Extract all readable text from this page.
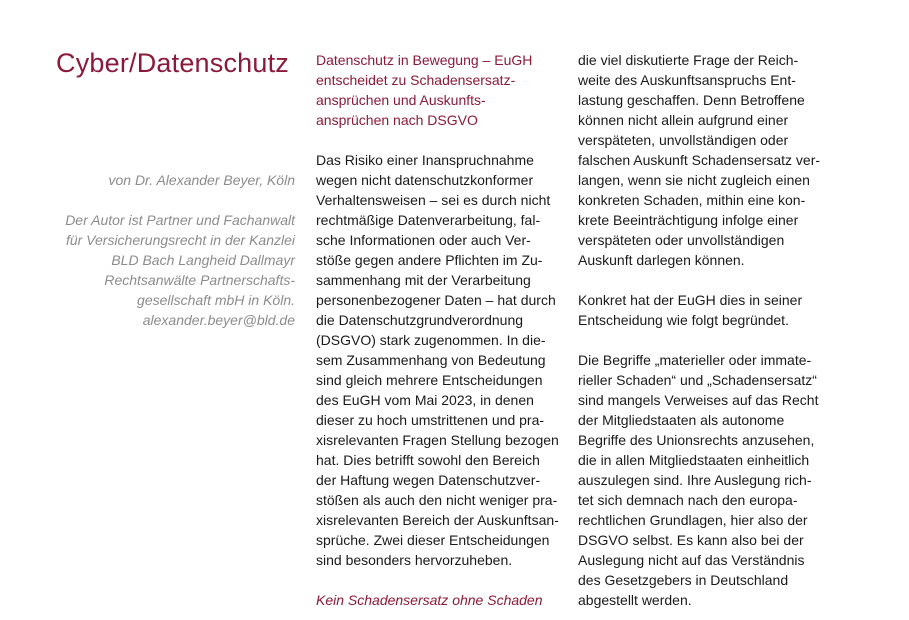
Cyber/Datenschutz
von Dr. Alexander Beyer, Köln
Der Autor ist Partner und Fachanwalt
für Versicherungsrecht in der Kanzlei
BLD Bach Langheid Dallmayr
Rechtsanwälte Partnerschafts-
gesellschaft mbH in Köln.
alexander.beyer@bld.de
Datenschutz in Bewegung – EuGH
entscheidet zu Schadensersatz-
ansprüchen und Auskunfts-
ansprüchen nach DSGVO
Das Risiko einer Inanspruchnahme
wegen nicht datenschutzkonformer
Verhaltensweisen – sei es durch nicht
rechtmäßige Datenverarbeitung, fal-
sche Informationen oder auch Ver-
stöße gegen andere Pflichten im Zu-
sammenhang mit der Verarbeitung
personenbezogener Daten – hat durch
die Datenschutzgrundverordnung
(DSGVO) stark zugenommen. In die-
sem Zusammenhang von Bedeutung
sind gleich mehrere Entscheidungen
des EuGH vom Mai 2023, in denen
dieser zu hoch umstrittenen und pra-
xisrelevanten Fragen Stellung bezogen
hat. Dies betrifft sowohl den Bereich
der Haftung wegen Datenschutzver-
stößen als auch den nicht weniger pra-
xisrelevanten Bereich der Auskunftsan-
sprüche. Zwei dieser Entscheidungen
sind besonders hervorzuheben.
Kein Schadensersatz ohne Schaden
die viel diskutierte Frage der Reich-
weite des Auskunftsanspruchs Ent-
lastung geschaffen. Denn Betroffene
können nicht allein aufgrund einer
verspäteten, unvollständigen oder
falschen Auskunft Schadensersatz ver-
langen, wenn sie nicht zugleich einen
konkreten Schaden, mithin eine kon-
krete Beeinträchtigung infolge einer
verspäteten oder unvollständigen
Auskunft darlegen können.
Konkret hat der EuGH dies in seiner
Entscheidung wie folgt begründet.
Die Begriffe „materieller oder immate-
rieller Schaden“ und „Schadensersatz“
sind mangels Verweises auf das Recht
der Mitgliedstaaten als autonome
Begriffe des Unionsrechts anzusehen,
die in allen Mitgliedstaaten einheitlich
auszulegen sind. Ihre Auslegung rich-
tet sich demnach nach den europa-
rechtlichen Grundlagen, hier also der
DSGVO selbst. Es kann also bei der
Auslegung nicht auf das Verständnis
des Gesetzgebers in Deutschland
abgestellt werden.
